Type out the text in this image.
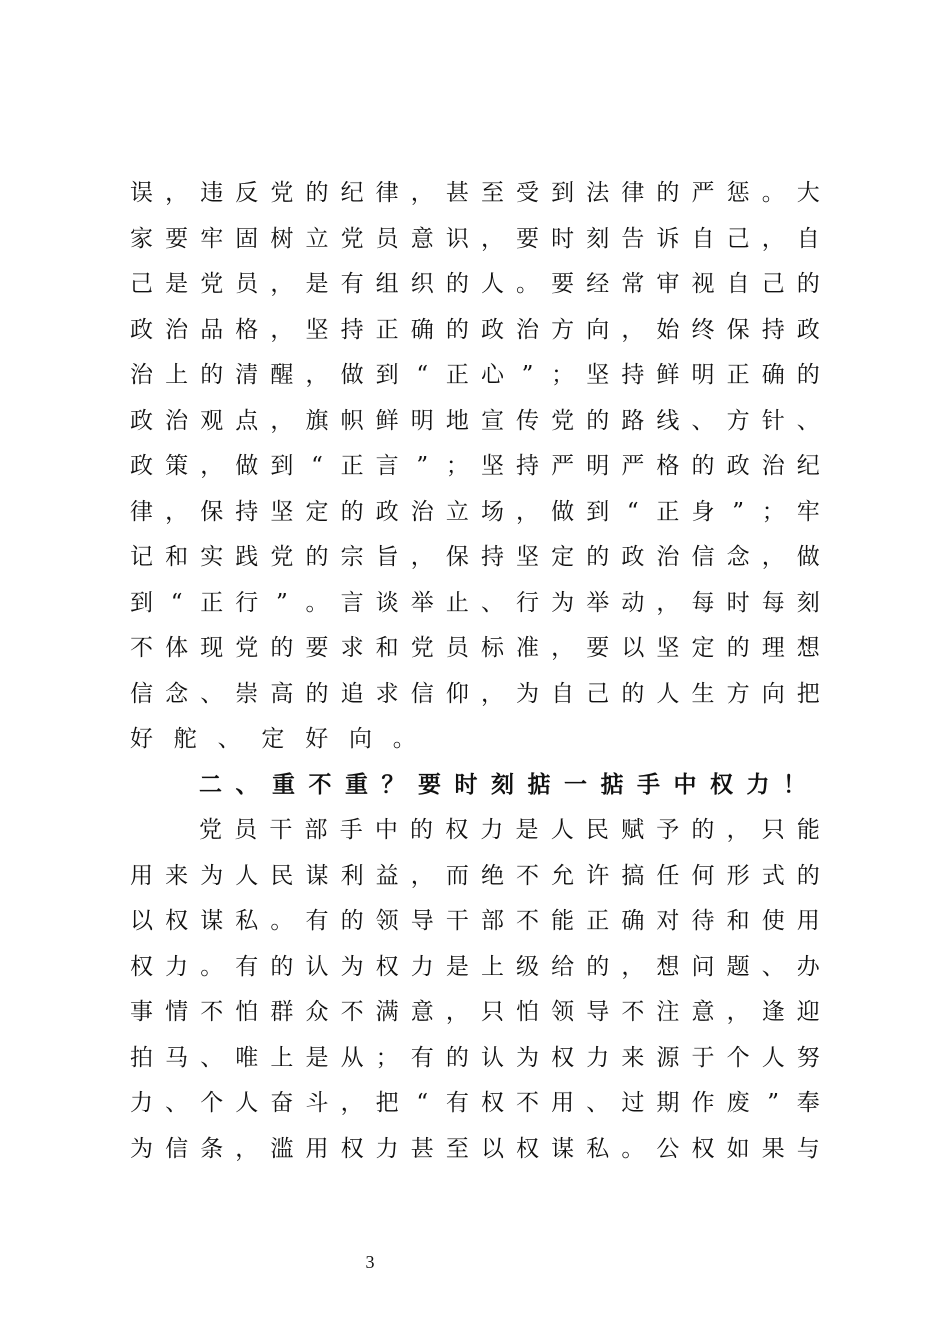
误 ， 违 反 党 的 纪 律 ， 甚 至 受 到 法 律 的 严 惩 。 大
家 要 牢 固 树 立 党 员 意 识 ， 要 时 刻 告 诉 自 己 ， 自
己 是 党 员 ， 是 有 组 织 的 人 。 要 经 常 审 视 自 己 的
政 治 品 格 ， 坚 持 正 确 的 政 治 方 向 ， 始 终 保 持 政
治 上 的 清 醒 ， 做 到 “ 正 心 ” ； 坚 持 鲜 明 正 确 的
政 治 观 点 ， 旗 帜 鲜 明 地 宣 传 党 的 路 线 、 方 针 、
政 策 ， 做 到 “ 正 言 ” ； 坚 持 严 明 严 格 的 政 治 纪
律 ， 保 持 坚 定 的 政 治 立 场 ， 做 到 “ 正 身 ” ； 牢
记 和 实 践 党 的 宗 旨 ， 保 持 坚 定 的 政 治 信 念 ， 做
到 “ 正 行 ” 。 言 谈 举 止 、 行 为 举 动 ， 每 时 每 刻
不 体 现 党 的 要 求 和 党 员 标 准 ， 要 以 坚 定 的 理 想
信 念 、 崇 高 的 追 求 信 仰 ， 为 自 己 的 人 生 方 向 把
好 舵 、 定 好 向 。
二 、 重 不 重 ？ 要 时 刻 掂 一 掂 手 中 权 力 ！
党 员 干 部 手 中 的 权 力 是 人 民 赋 予 的 ， 只 能
用 来 为 人 民 谋 利 益 ， 而 绝 不 允 许 搞 任 何 形 式 的
以 权 谋 私 。 有 的 领 导 干 部 不 能 正 确 对 待 和 使 用
权 力 。 有 的 认 为 权 力 是 上 级 给 的 ， 想 问 题 、 办
事 情 不 怕 群 众 不 满 意 ， 只 怕 领 导 不 注 意 ， 逢 迎
拍 马 、 唯 上 是 从 ； 有 的 认 为 权 力 来 源 于 个 人 努
力 、 个 人 奋 斗 ， 把 “ 有 权 不 用 、 过 期 作 废 ” 奉
为 信 条 ， 滥 用 权 力 甚 至 以 权 谋 私 。 公 权 如 果 与
3
